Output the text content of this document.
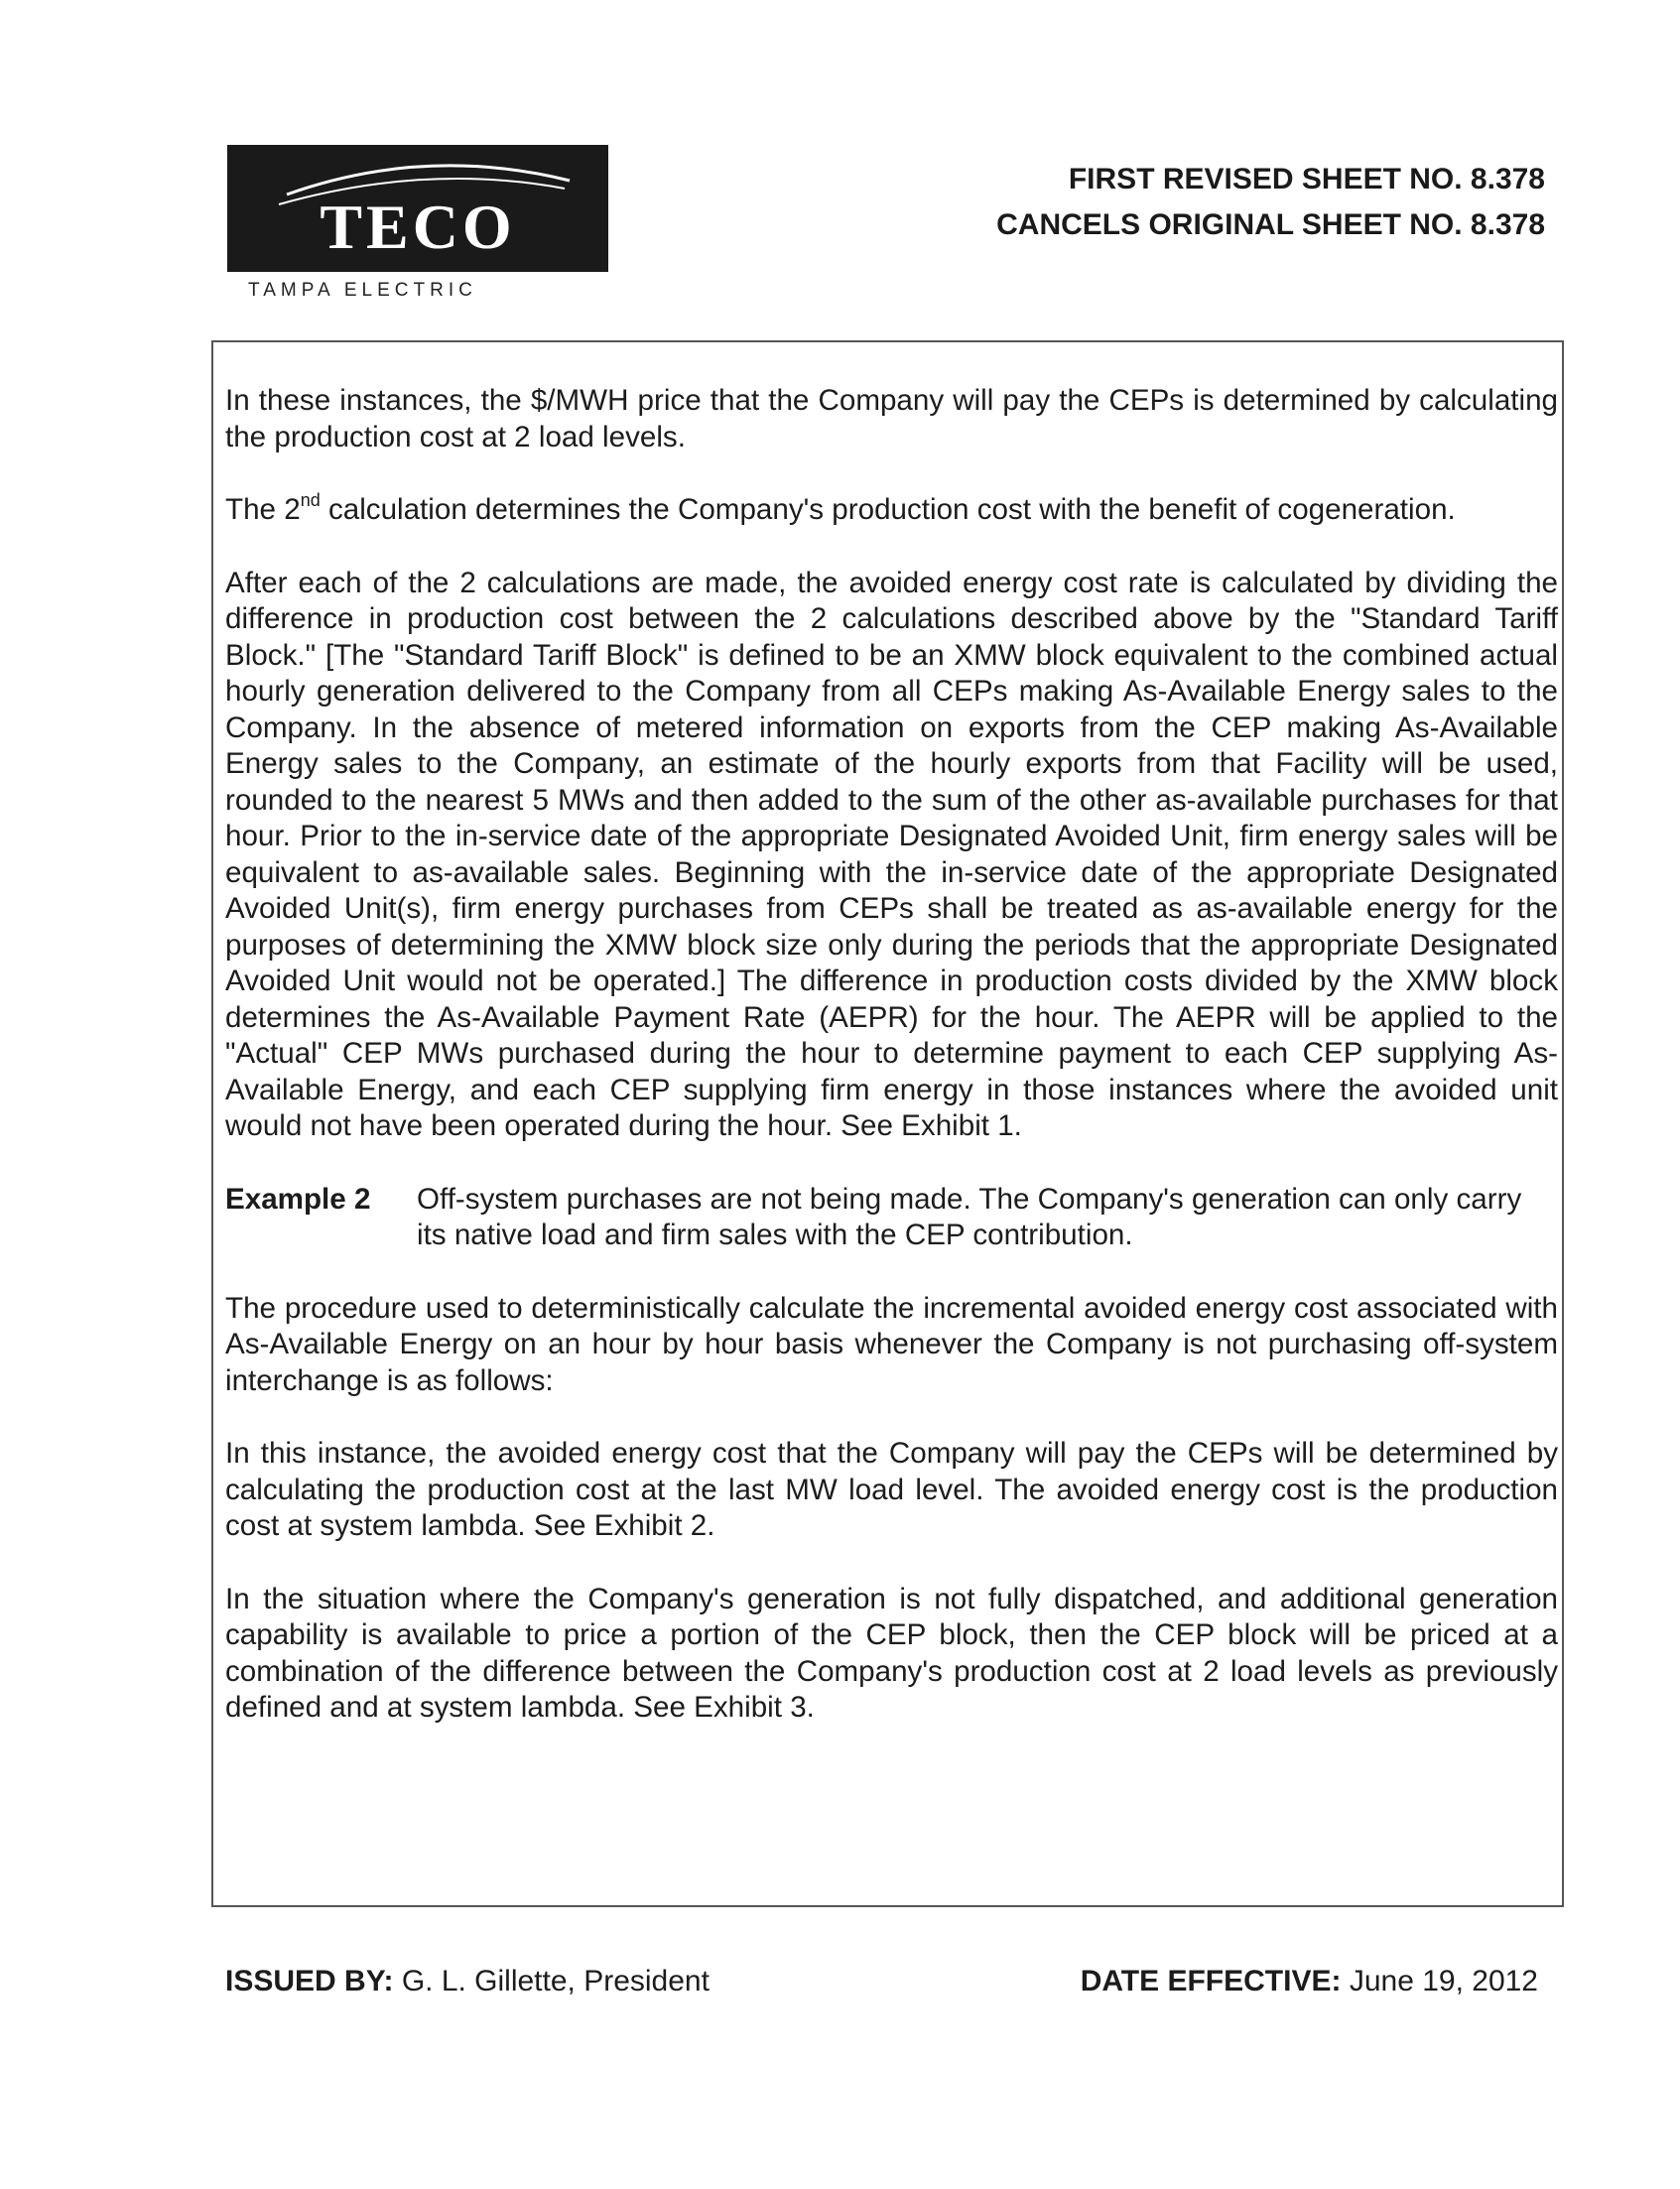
TECO
TAMPA ELECTRIC
FIRST REVISED SHEET NO. 8.378
CANCELS ORIGINAL SHEET NO. 8.378

In these instances, the $/MWH price that the Company will pay the CEPs is determined by calculating the production cost at 2 load levels.

The 2nd calculation determines the Company's production cost with the benefit of cogeneration.

After each of the 2 calculations are made, the avoided energy cost rate is calculated by dividing the difference in production cost between the 2 calculations described above by the "Standard Tariff Block." [The "Standard Tariff Block" is defined to be an XMW block equivalent to the combined actual hourly generation delivered to the Company from all CEPs making As-Available Energy sales to the Company. In the absence of metered information on exports from the CEP making As-Available Energy sales to the Company, an estimate of the hourly exports from that Facility will be used, rounded to the nearest 5 MWs and then added to the sum of the other as-available purchases for that hour. Prior to the in-service date of the appropriate Designated Avoided Unit, firm energy sales will be equivalent to as-available sales. Beginning with the in-service date of the appropriate Designated Avoided Unit(s), firm energy purchases from CEPs shall be treated as as-available energy for the purposes of determining the XMW block size only during the periods that the appropriate Designated Avoided Unit would not be operated.] The difference in production costs divided by the XMW block determines the As-Available Payment Rate (AEPR) for the hour. The AEPR will be applied to the "Actual" CEP MWs purchased during the hour to determine payment to each CEP supplying As-Available Energy, and each CEP supplying firm energy in those instances where the avoided unit would not have been operated during the hour. See Exhibit 1.

Example 2	Off-system purchases are not being made. The Company's generation can only carry its native load and firm sales with the CEP contribution.

The procedure used to deterministically calculate the incremental avoided energy cost associated with As-Available Energy on an hour by hour basis whenever the Company is not purchasing off-system interchange is as follows:

In this instance, the avoided energy cost that the Company will pay the CEPs will be determined by calculating the production cost at the last MW load level. The avoided energy cost is the production cost at system lambda. See Exhibit 2.

In the situation where the Company's generation is not fully dispatched, and additional generation capability is available to price a portion of the CEP block, then the CEP block will be priced at a combination of the difference between the Company's production cost at 2 load levels as previously defined and at system lambda. See Exhibit 3.

ISSUED BY: G. L. Gillette, President	DATE EFFECTIVE: June 19, 2012
